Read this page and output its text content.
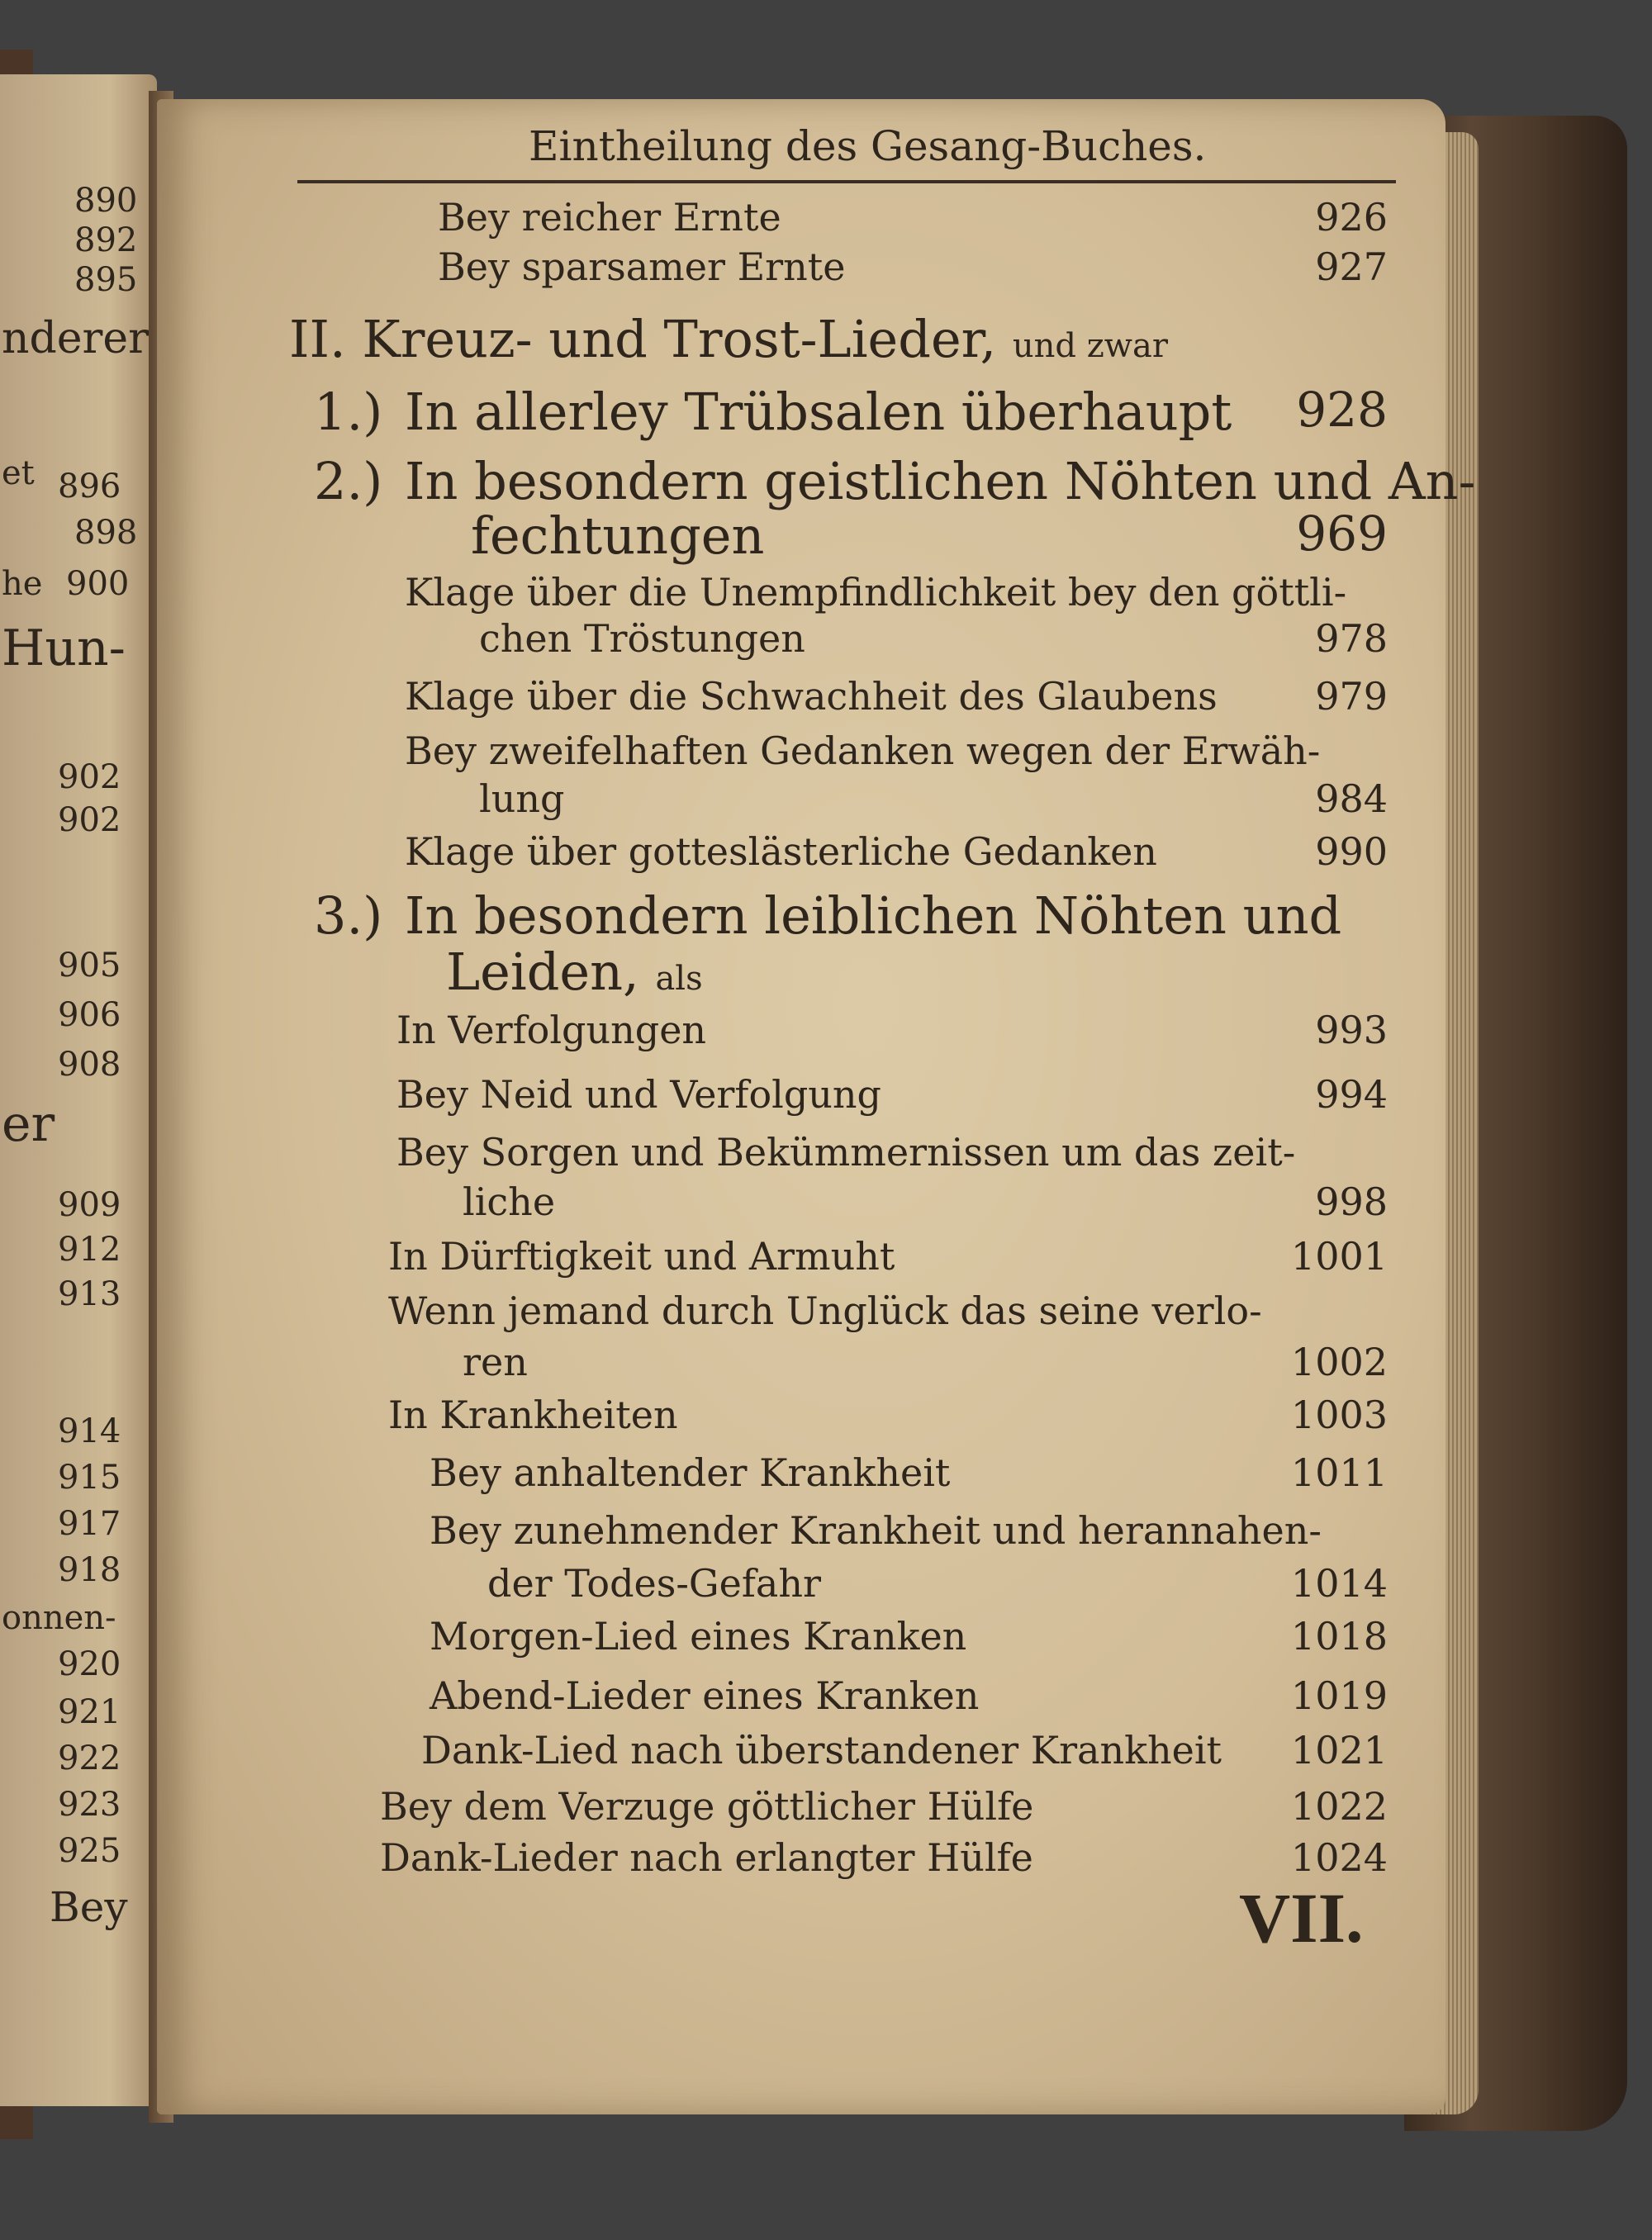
890
892
895
nderer
et 896
898
he 900
Hun-
902
902
905
906
908
er
909
912
913
914
915
917
918
onnen-
920
921
922
923
925
Bey
Eintheilung des Gesang-Buches.
Bey reicher Ernte	926
Bey sparsamer Ernte	927
II. Kreuz- und Trost-Lieder, und zwar
1.) In allerley Trübsalen überhaupt	928
2.) In besondern geistlichen Nöhten und An-
fechtungen	969
Klage über die Unempfindlichkeit bey den göttli-
chen Tröstungen	978
Klage über die Schwachheit des Glaubens	979
Bey zweifelhaften Gedanken wegen der Erwäh-
lung	984
Klage über gotteslästerliche Gedanken	990
3.) In besondern leiblichen Nöhten und
Leiden, als
In Verfolgungen	993
Bey Neid und Verfolgung	994
Bey Sorgen und Bekümmernissen um das zeit-
liche	998
In Dürftigkeit und Armuht	1001
Wenn jemand durch Unglück das seine verlo-
ren	1002
In Krankheiten	1003
Bey anhaltender Krankheit	1011
Bey zunehmender Krankheit und herannahen-
der Todes-Gefahr	1014
Morgen-Lied eines Kranken	1018
Abend-Lieder eines Kranken	1019
Dank-Lied nach überstandener Krankheit	1021
Bey dem Verzuge göttlicher Hülfe	1022
Dank-Lieder nach erlangter Hülfe	1024
VII.
